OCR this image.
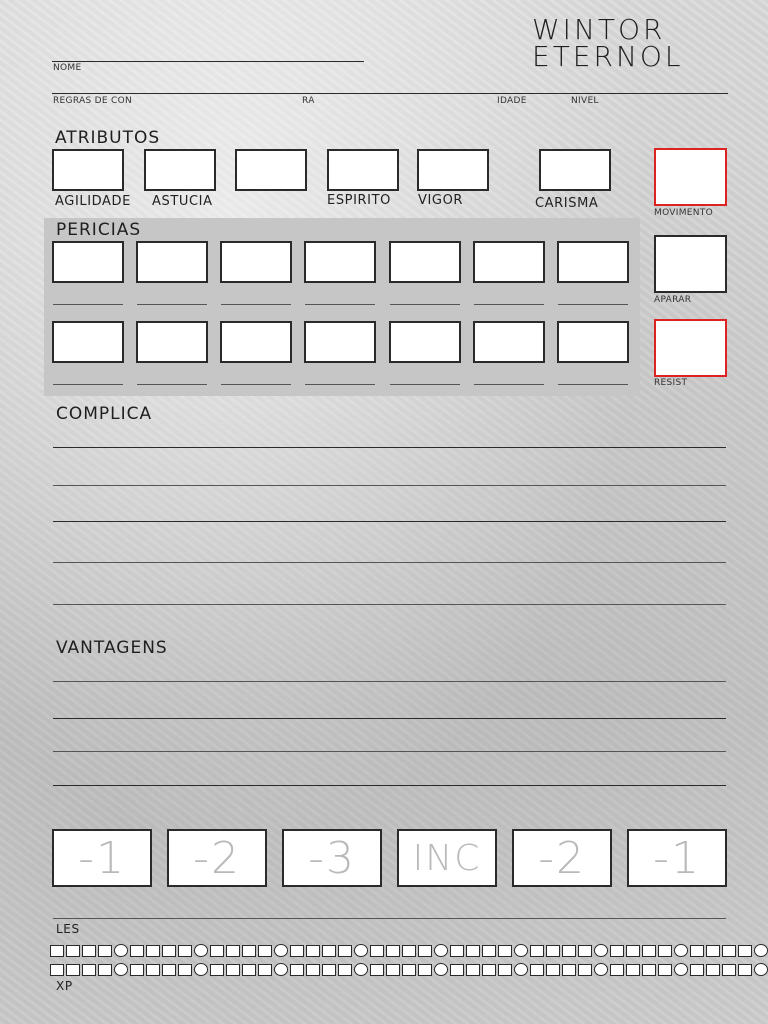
WINTOR
ETERNOL
NOME
REGRAS DE CON	RA	IDADE	NIVEL
ATRIBUTOS
AGILIDADE ASTUCIA	ESPIRITO VIGOR	CARISMA
MOVIMENTO
APARAR
RESIST
PERICIAS
COMPLICA
VANTAGENS
-1	-2	-3	INC	-2	-1
LES
XP
